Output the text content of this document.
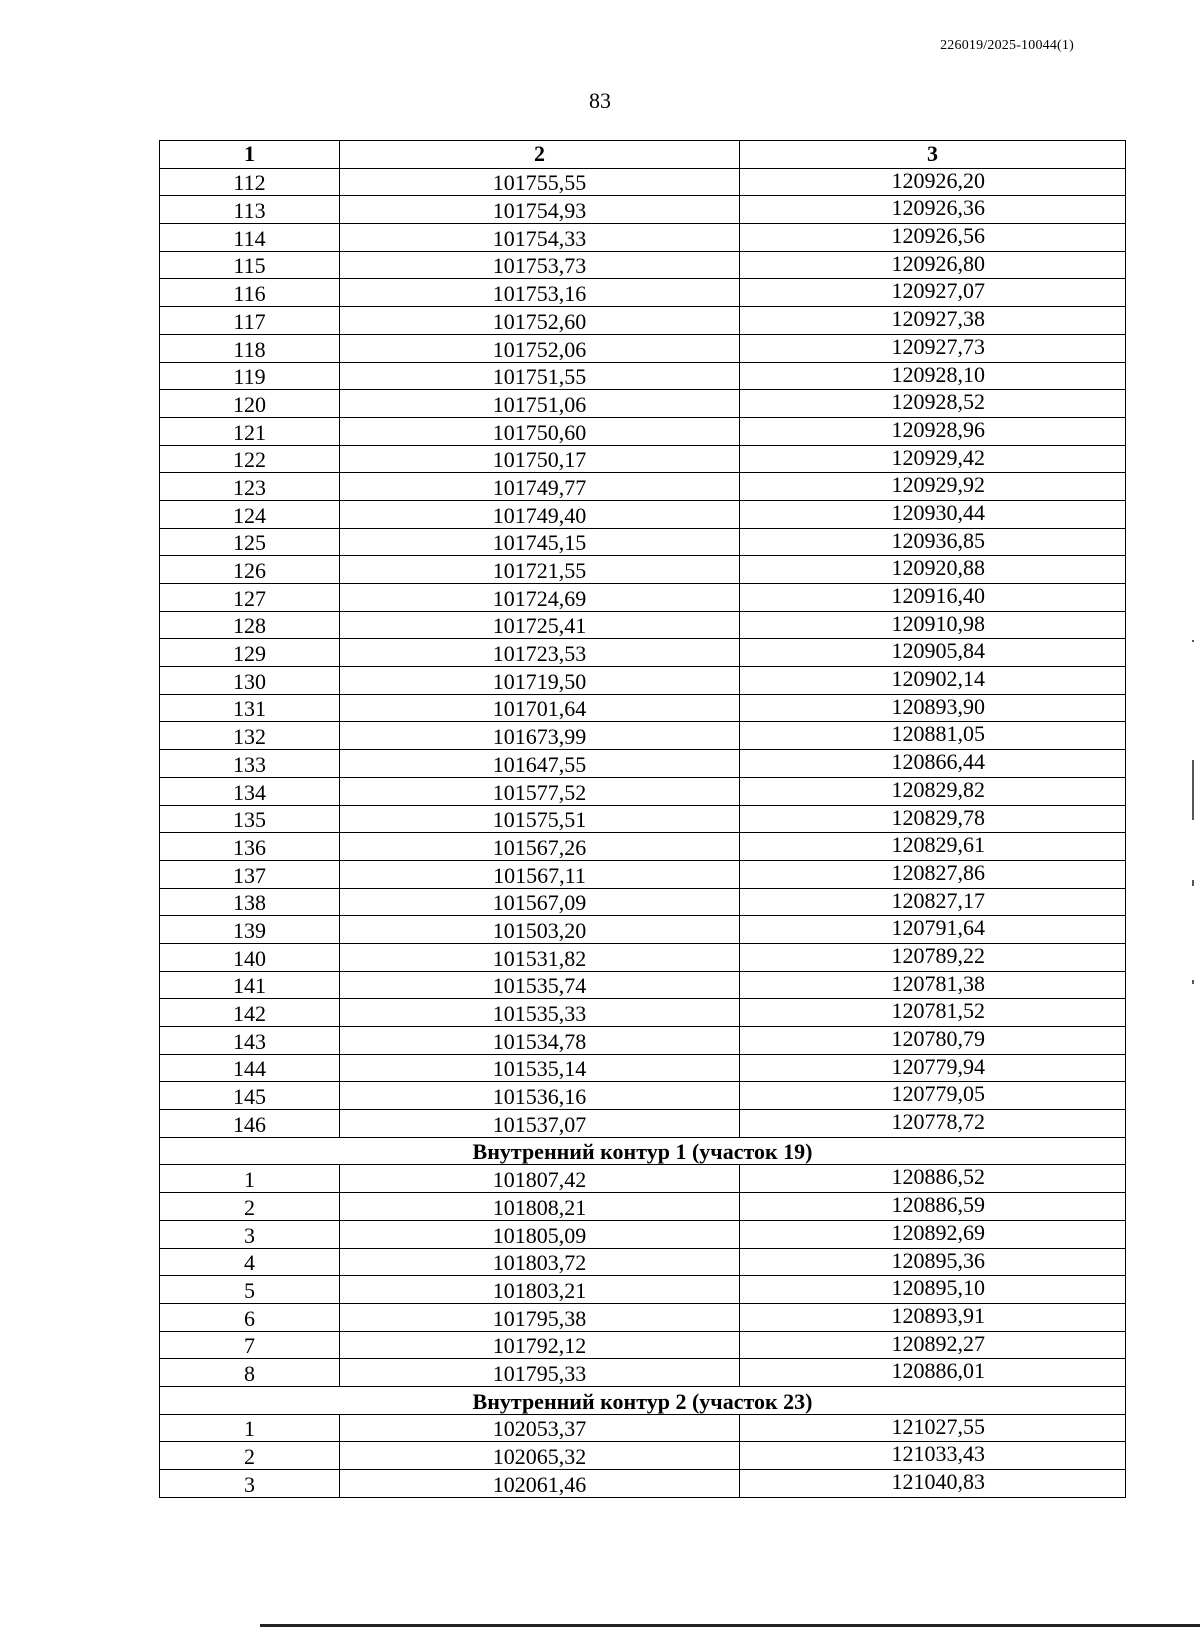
226019/2025-10044(1)
83
1	2	3
112	101755,55	120926,20
113	101754,93	120926,36
114	101754,33	120926,56
115	101753,73	120926,80
116	101753,16	120927,07
117	101752,60	120927,38
118	101752,06	120927,73
119	101751,55	120928,10
120	101751,06	120928,52
121	101750,60	120928,96
122	101750,17	120929,42
123	101749,77	120929,92
124	101749,40	120930,44
125	101745,15	120936,85
126	101721,55	120920,88
127	101724,69	120916,40
128	101725,41	120910,98
129	101723,53	120905,84
130	101719,50	120902,14
131	101701,64	120893,90
132	101673,99	120881,05
133	101647,55	120866,44
134	101577,52	120829,82
135	101575,51	120829,78
136	101567,26	120829,61
137	101567,11	120827,86
138	101567,09	120827,17
139	101503,20	120791,64
140	101531,82	120789,22
141	101535,74	120781,38
142	101535,33	120781,52
143	101534,78	120780,79
144	101535,14	120779,94
145	101536,16	120779,05
146	101537,07	120778,72
Внутренний контур 1 (участок 19)		
1	101807,42	120886,52
2	101808,21	120886,59
3	101805,09	120892,69
4	101803,72	120895,36
5	101803,21	120895,10
6	101795,38	120893,91
7	101792,12	120892,27
8	101795,33	120886,01
Внутренний контур 2 (участок 23)		
1	102053,37	121027,55
2	102065,32	121033,43
3	102061,46	121040,83
